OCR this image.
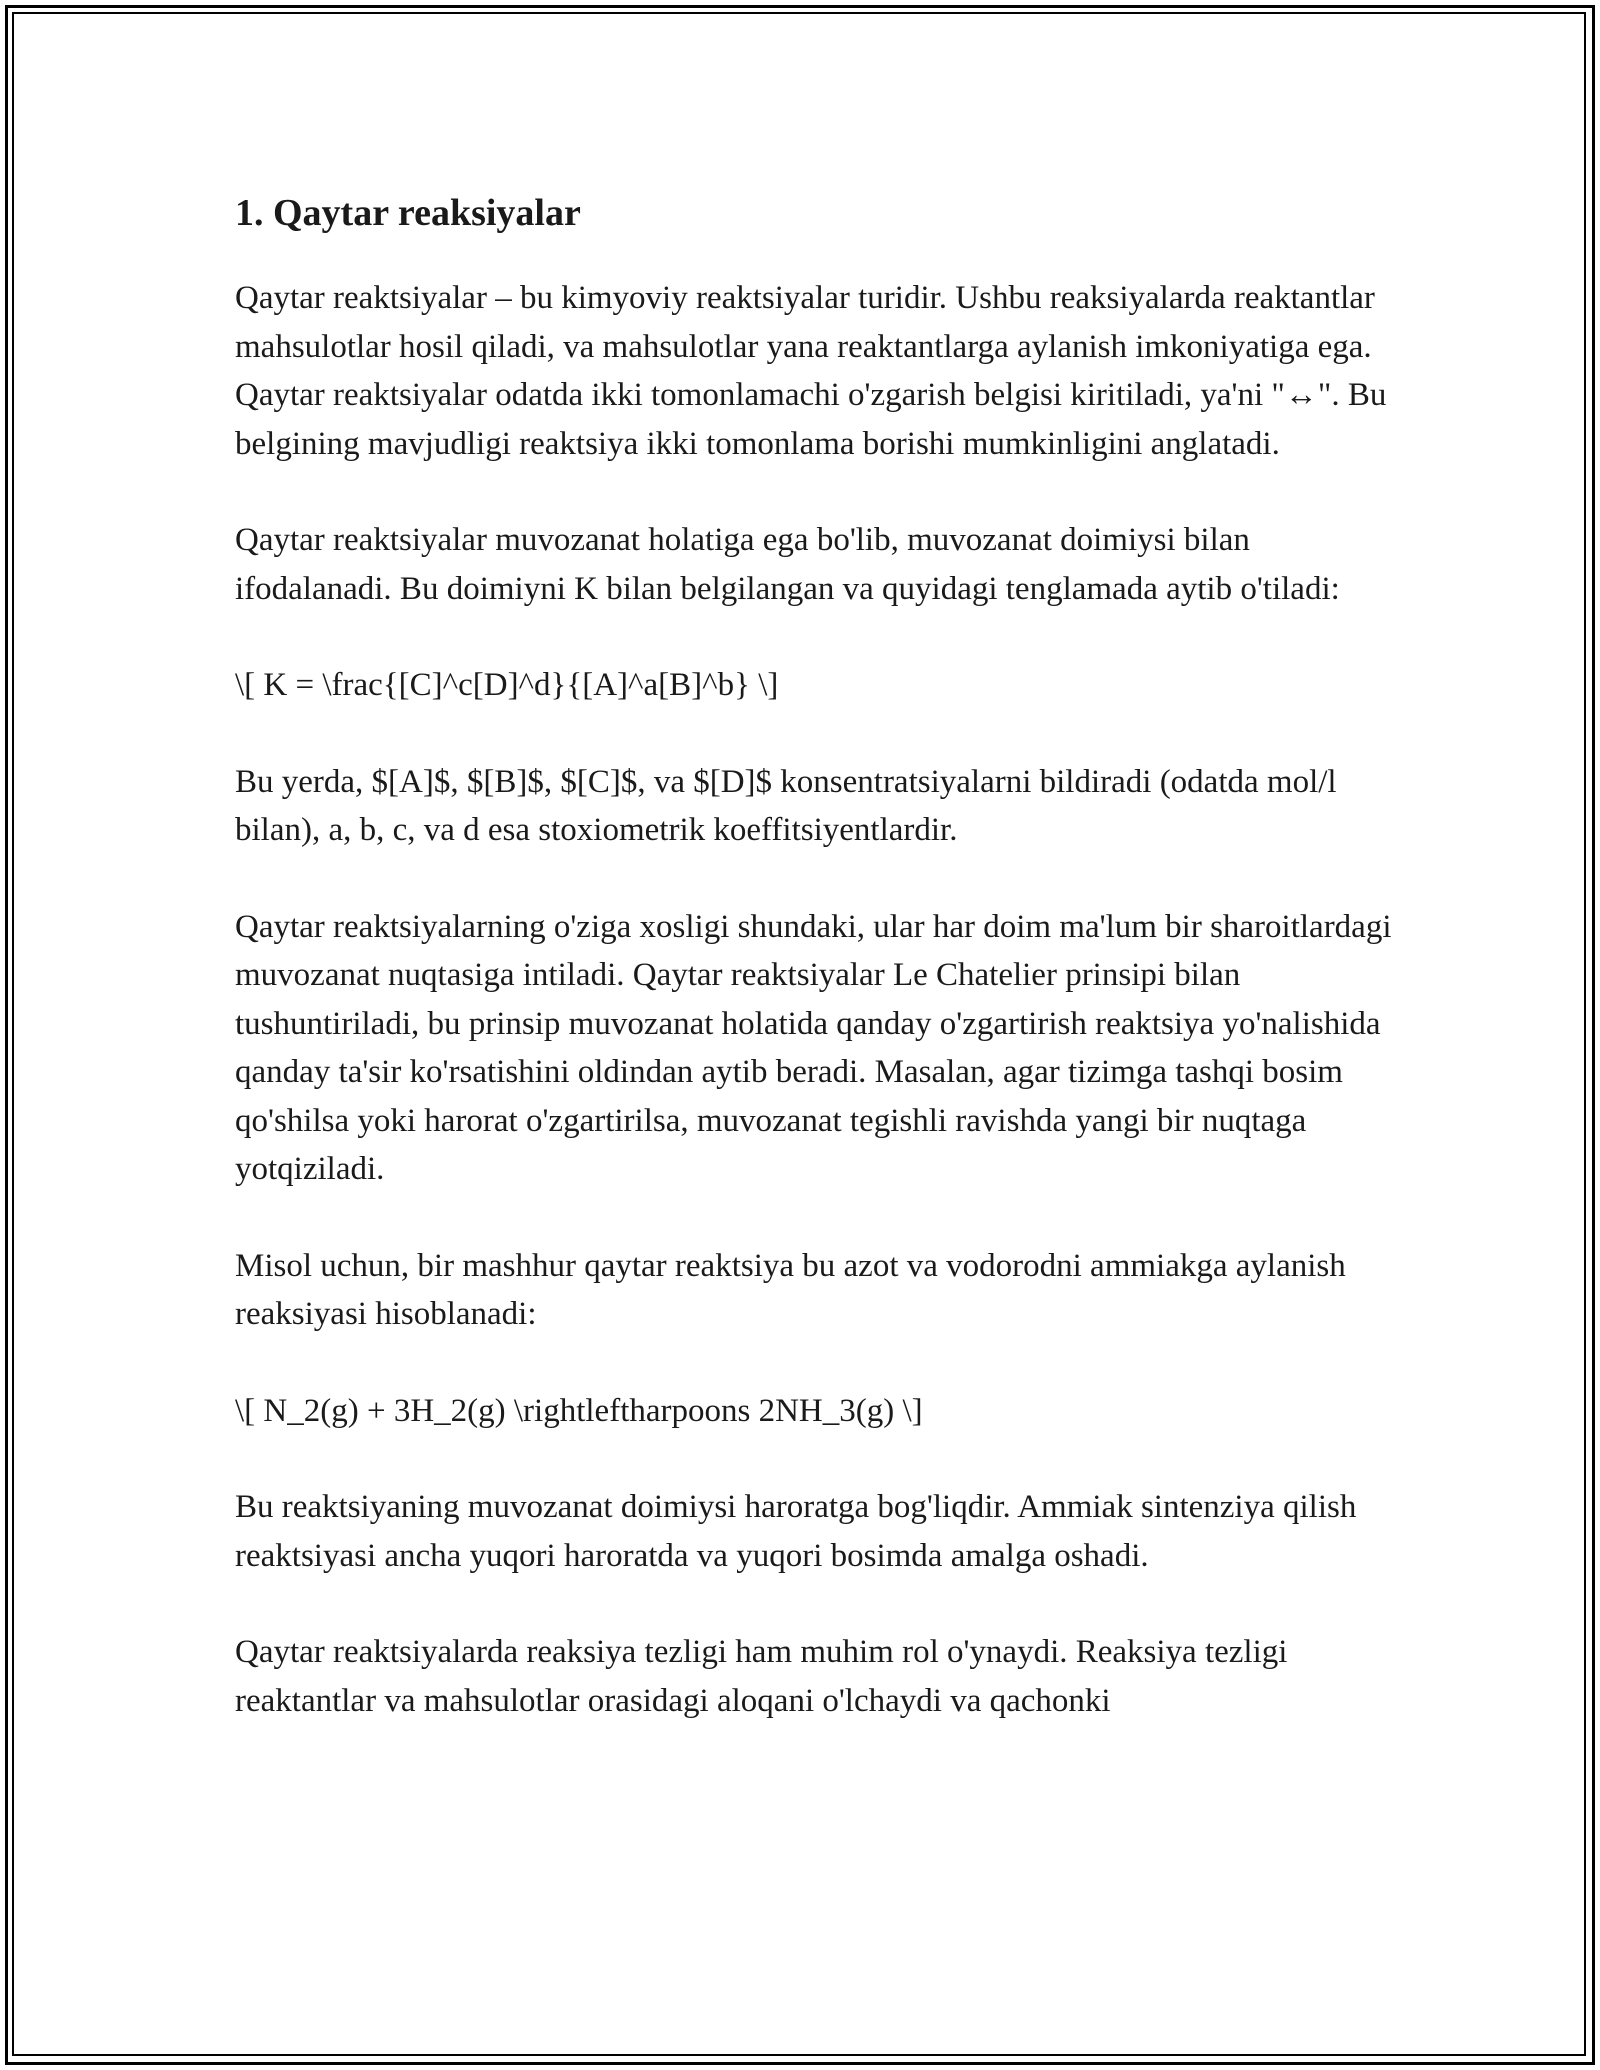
1. Qaytar reaksiyalar

Qaytar reaktsiyalar – bu kimyoviy reaktsiyalar turidir. Ushbu reaksiyalarda reaktantlar mahsulotlar hosil qiladi, va mahsulotlar yana reaktantlarga aylanish imkoniyatiga ega. Qaytar reaktsiyalar odatda ikki tomonlamachi o'zgarish belgisi kiritiladi, ya'ni "↔". Bu belgining mavjudligi reaktsiya ikki tomonlama borishi mumkinligini anglatadi.

Qaytar reaktsiyalar muvozanat holatiga ega bo'lib, muvozanat doimiysi bilan ifodalanadi. Bu doimiyni K bilan belgilangan va quyidagi tenglamada aytib o'tiladi:

\[ K = \frac{[C]^c[D]^d}{[A]^a[B]^b} \]

Bu yerda, $[A]$, $[B]$, $[C]$, va $[D]$ konsentratsiyalarni bildiradi (odatda mol/l bilan), a, b, c, va d esa stoxiometrik koeffitsiyentlardir.

Qaytar reaktsiyalarning o'ziga xosligi shundaki, ular har doim ma'lum bir sharoitlardagi muvozanat nuqtasiga intiladi. Qaytar reaktsiyalar Le Chatelier prinsipi bilan tushuntiriladi, bu prinsip muvozanat holatida qanday o'zgartirish reaktsiya yo'nalishida qanday ta'sir ko'rsatishini oldindan aytib beradi. Masalan, agar tizimga tashqi bosim qo'shilsa yoki harorat o'zgartirilsa, muvozanat tegishli ravishda yangi bir nuqtaga yotqiziladi.

Misol uchun, bir mashhur qaytar reaktsiya bu azot va vodorodni ammiakga aylanish reaksiyasi hisoblanadi:

\[ N_2(g) + 3H_2(g) \rightleftharpoons 2NH_3(g) \]

Bu reaktsiyaning muvozanat doimiysi haroratga bog'liqdir. Ammiak sintenziya qilish reaktsiyasi ancha yuqori haroratda va yuqori bosimda amalga oshadi.

Qaytar reaktsiyalarda reaksiya tezligi ham muhim rol o'ynaydi. Reaksiya tezligi reaktantlar va mahsulotlar orasidagi aloqani o'lchaydi va qachonki
